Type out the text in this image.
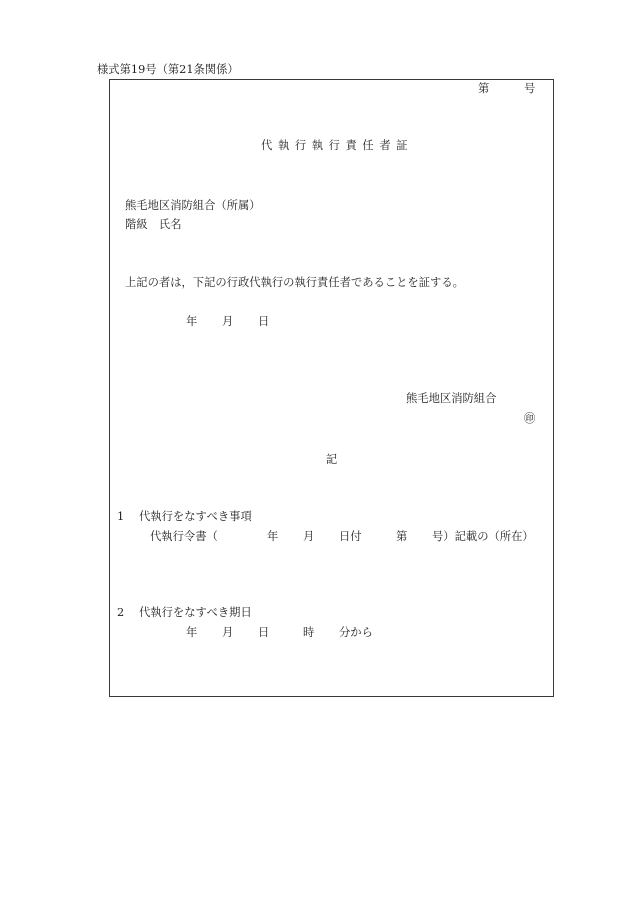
様式第19号（第21条関係）
第	号
代執行執行責任者証
熊毛地区消防組合（所属）
階級　氏名
上記の者は，下記の行政代執行の執行責任者であることを証する。
年 月 日
熊毛地区消防組合
㊞
記
1 代執行をなすべき事項
代執行令書（	年 月 日付	第 号）記載の（所在）
2 代執行をなすべき期日
年 月 日	時 分から
